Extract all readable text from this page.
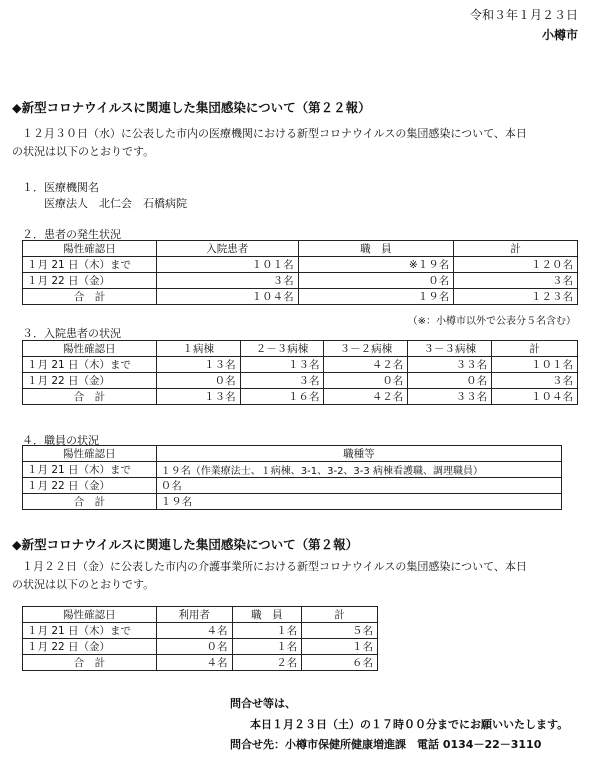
令和３年１月２３日
小樽市
◆新型コロナウイルスに関連した集団感染について（第２２報）
１２月３０日（水）に公表した市内の医療機関における新型コロナウイルスの集団感染について、本日
の状況は以下のとおりです。
１．医療機関名
医療法人　北仁会　石橋病院
２．患者の発生状況
陽性確認日	入院患者	職　員	計
１月 21 日（木）まで	１０１名	※１９名	１２０名
１月 22 日（金）	３名	０名	３名
合　計	１０４名	１９名	１２３名
（※：小樽市以外で公表分５名含む）
３．入院患者の状況
陽性確認日	１病棟	２－３病棟	３－２病棟	３－３病棟	計
１月 21 日（木）まで	１３名	１３名	４２名	３３名	１０１名
１月 22 日（金）	０名	３名	０名	０名	３名
合　計	１３名	１６名	４２名	３３名	１０４名
４．職員の状況
陽性確認日	職種等
１月 21 日（木）まで	１９名（作業療法士、１病棟、3-1、3-2、3-3 病棟看護職、調理職員）
１月 22 日（金）	０名
合　計	１９名
◆新型コロナウイルスに関連した集団感染について（第２報）
１月２２日（金）に公表した市内の介護事業所における新型コロナウイルスの集団感染について、本日
の状況は以下のとおりです。
陽性確認日	利用者	職　員	計
１月 21 日（木）まで	４名	１名	５名
１月 22 日（金）	０名	１名	１名
合　計	４名	２名	６名
問合せ等は、
本日１月２３日（土）の１７時００分までにお願いいたします。
問合せ先：小樽市保健所健康増進課　電話 0134－22－3110
